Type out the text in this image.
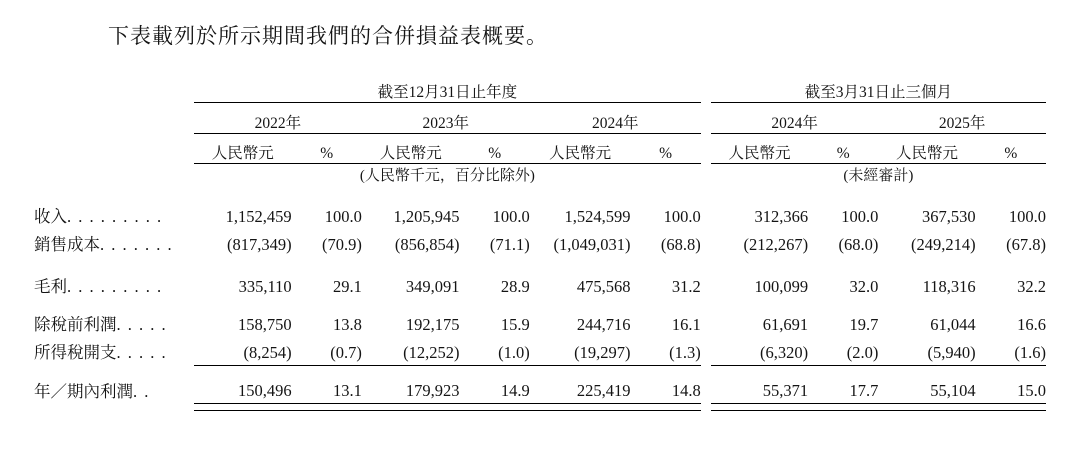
下表載列於所示期間我們的合併損益表概要。
	截至12月31日止年度							截至3月31日止三個月			

	2022年		2023年		2024年			2024年		2025年	

	人民幣元	%	人民幣元	%	人民幣元	%		人民幣元	%	人民幣元	%
	(人民幣千元，百分比除外)							(未經審計)			

收入. . . . . . . . .	1,152,459	100.0	1,205,945	100.0	1,524,599	100.0		312,366	100.0	367,530	100.0
銷售成本. . . . . . .	(817,349)	(70.9)	(856,854)	(71.1)	(1,049,031)	(68.8)		(212,267)	(68.0)	(249,214)	(67.8)

毛利. . . . . . . . .	335,110	29.1	349,091	28.9	475,568	31.2		100,099	32.0	118,316	32.2

除稅前利潤. . . . .	158,750	13.8	192,175	15.9	244,716	16.1		61,691	19.7	61,044	16.6
所得稅開支. . . . .	(8,254)	(0.7)	(12,252)	(1.0)	(19,297)	(1.3)		(6,320)	(2.0)	(5,940)	(1.6)

年／期內利潤. .	150,496	13.1	179,923	14.9	225,419	14.8		55,371	17.7	55,104	15.0
